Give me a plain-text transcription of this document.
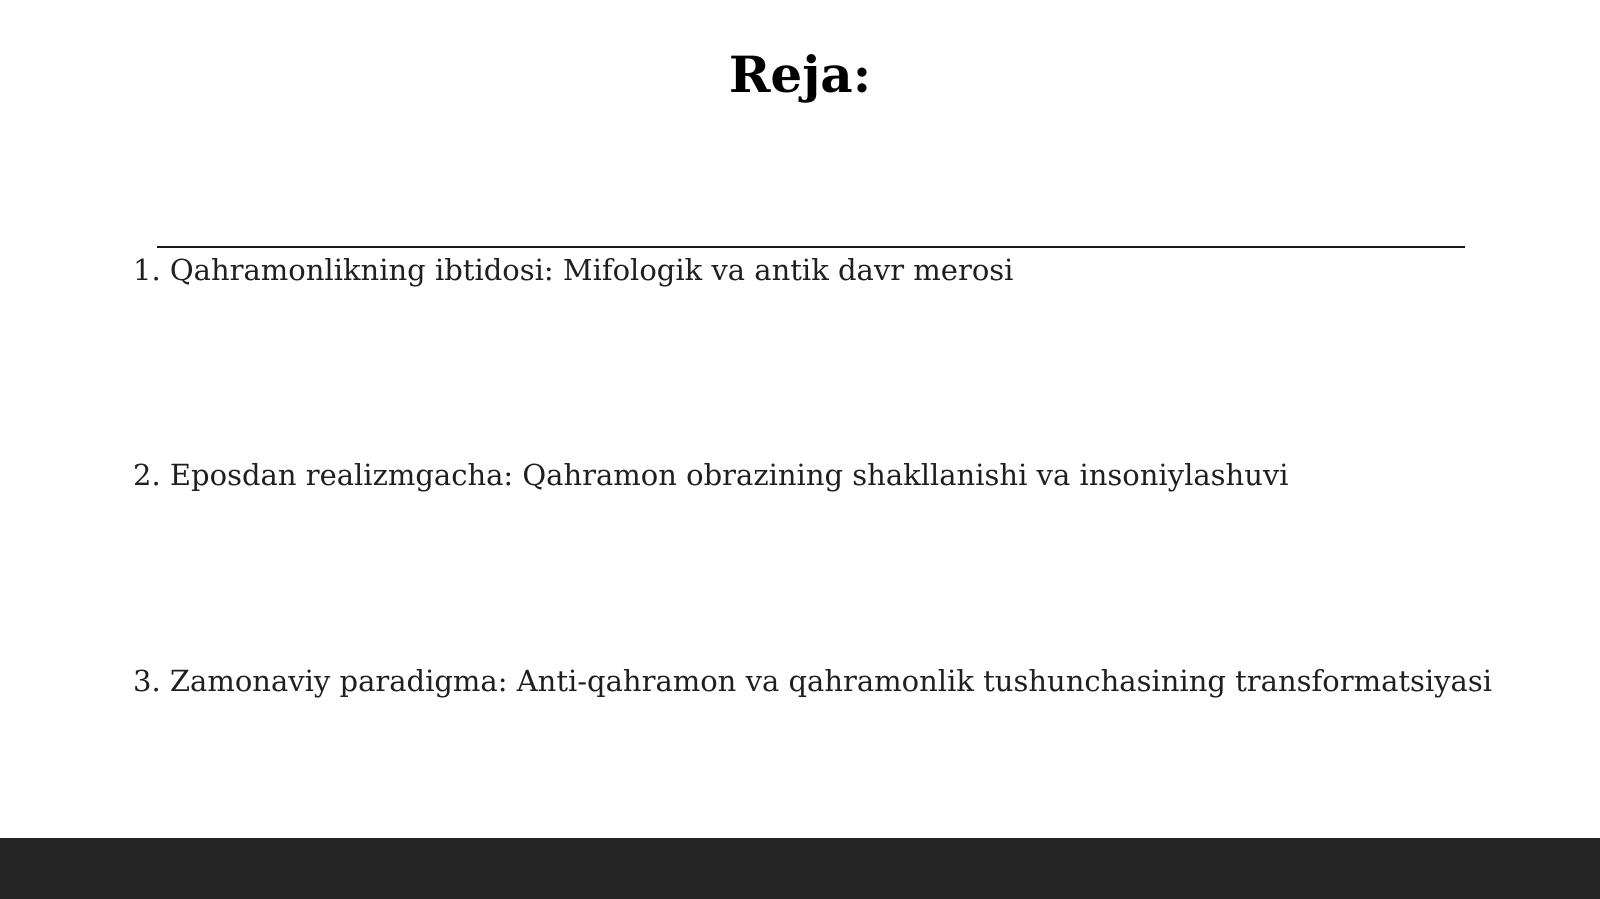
Reja:
1. Qahramonlikning ibtidosi: Mifologik va antik davr merosi
2. Eposdan realizmgacha: Qahramon obrazining shakllanishi va insoniylashuvi
3. Zamonaviy paradigma: Anti-qahramon va qahramonlik tushunchasining transformatsiyasi
